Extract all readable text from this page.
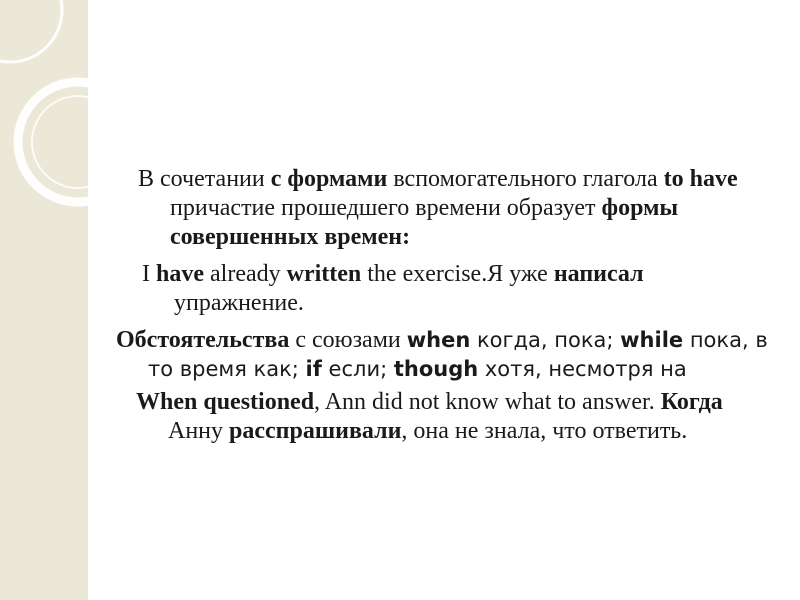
В сочетании с формами вспомогательного глагола to have причастие прошедшего времени образует формы совершенных времен:

I have already written the exercise.Я уже написал упражнение.

Обстоятельства с союзами when когда, пока; while пока, в то время как; if если; though хотя, несмотря на

When questioned, Ann did not know what to answer. Когда Анну расспрашивали, она не знала, что ответить.
